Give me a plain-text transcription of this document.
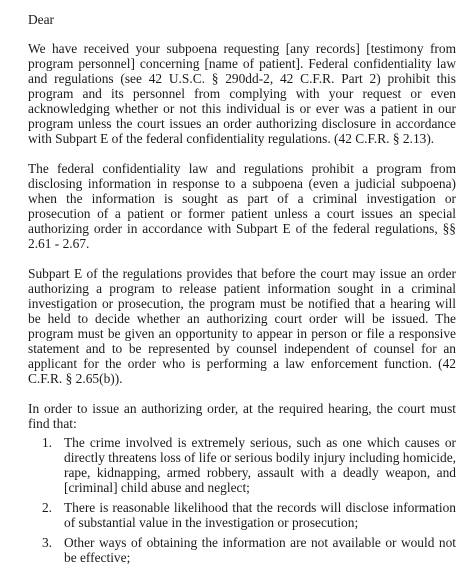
Dear

We have received your subpoena requesting [any records] [testimony from program personnel] concerning [name of patient]. Federal confidentiality law and regulations (see 42 U.S.C. § 290dd-2, 42 C.F.R. Part 2) prohibit this program and its personnel from complying with your request or even acknowledging whether or not this individual is or ever was a patient in our program unless the court issues an order authorizing disclosure in accordance with Subpart E of the federal confidentiality regulations. (42 C.F.R. § 2.13).

The federal confidentiality law and regulations prohibit a program from disclosing information in response to a subpoena (even a judicial subpoena) when the information is sought as part of a criminal investigation or prosecution of a patient or former patient unless a court issues an special authorizing order in accordance with Subpart E of the federal regulations, §§ 2.61 - 2.67.

Subpart E of the regulations provides that before the court may issue an order authorizing a program to release patient information sought in a criminal investigation or prosecution, the program must be notified that a hearing will be held to decide whether an authorizing court order will be issued. The program must be given an opportunity to appear in person or file a responsive statement and to be represented by counsel independent of counsel for an applicant for the order who is performing a law enforcement function. (42 C.F.R. § 2.65(b)).

In order to issue an authorizing order, at the required hearing, the court must find that:

1. The crime involved is extremely serious, such as one which causes or directly threatens loss of life or serious bodily injury including homicide, rape, kidnapping, armed robbery, assault with a deadly weapon, and [criminal] child abuse and neglect;
2. There is reasonable likelihood that the records will disclose information of substantial value in the investigation or prosecution;
3. Other ways of obtaining the information are not available or would not be effective;
